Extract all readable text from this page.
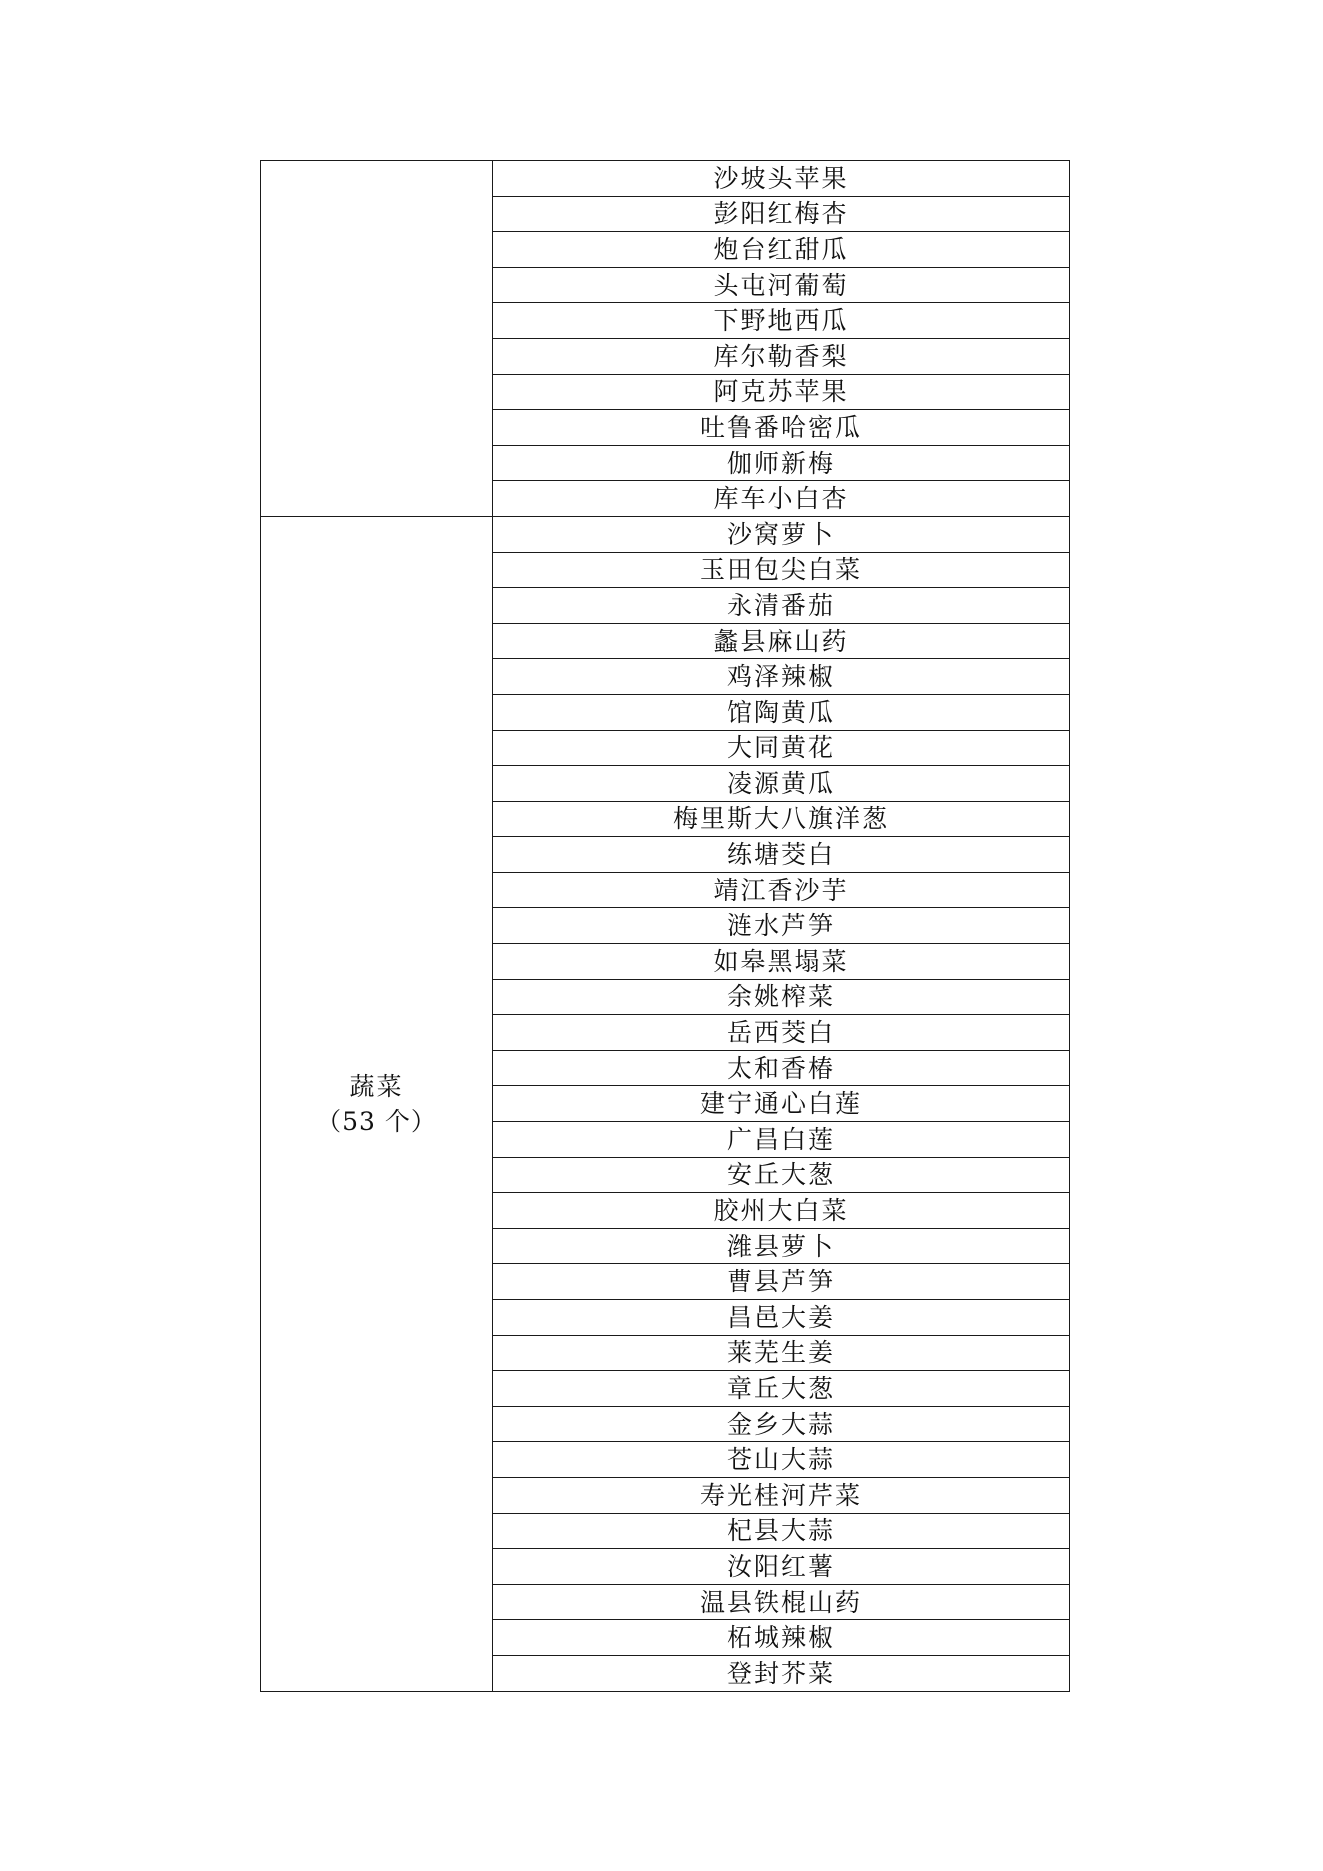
	沙坡头苹果
	彭阳红梅杏
	炮台红甜瓜
	头屯河葡萄
	下野地西瓜
	库尔勒香梨
	阿克苏苹果
	吐鲁番哈密瓜
	伽师新梅
	库车小白杏

蔬菜
（53 个）	沙窝萝卜
	玉田包尖白菜
	永清番茄
	蠡县麻山药
	鸡泽辣椒
	馆陶黄瓜
	大同黄花
	凌源黄瓜
	梅里斯大八旗洋葱
	练塘茭白
	靖江香沙芋
	涟水芦笋
	如皋黑塌菜
	余姚榨菜
	岳西茭白
	太和香椿
	建宁通心白莲
	广昌白莲
	安丘大葱
	胶州大白菜
	潍县萝卜
	曹县芦笋
	昌邑大姜
	莱芜生姜
	章丘大葱
	金乡大蒜
	苍山大蒜
	寿光桂河芹菜
	杞县大蒜
	汝阳红薯
	温县铁棍山药
	柘城辣椒
	登封芥菜
